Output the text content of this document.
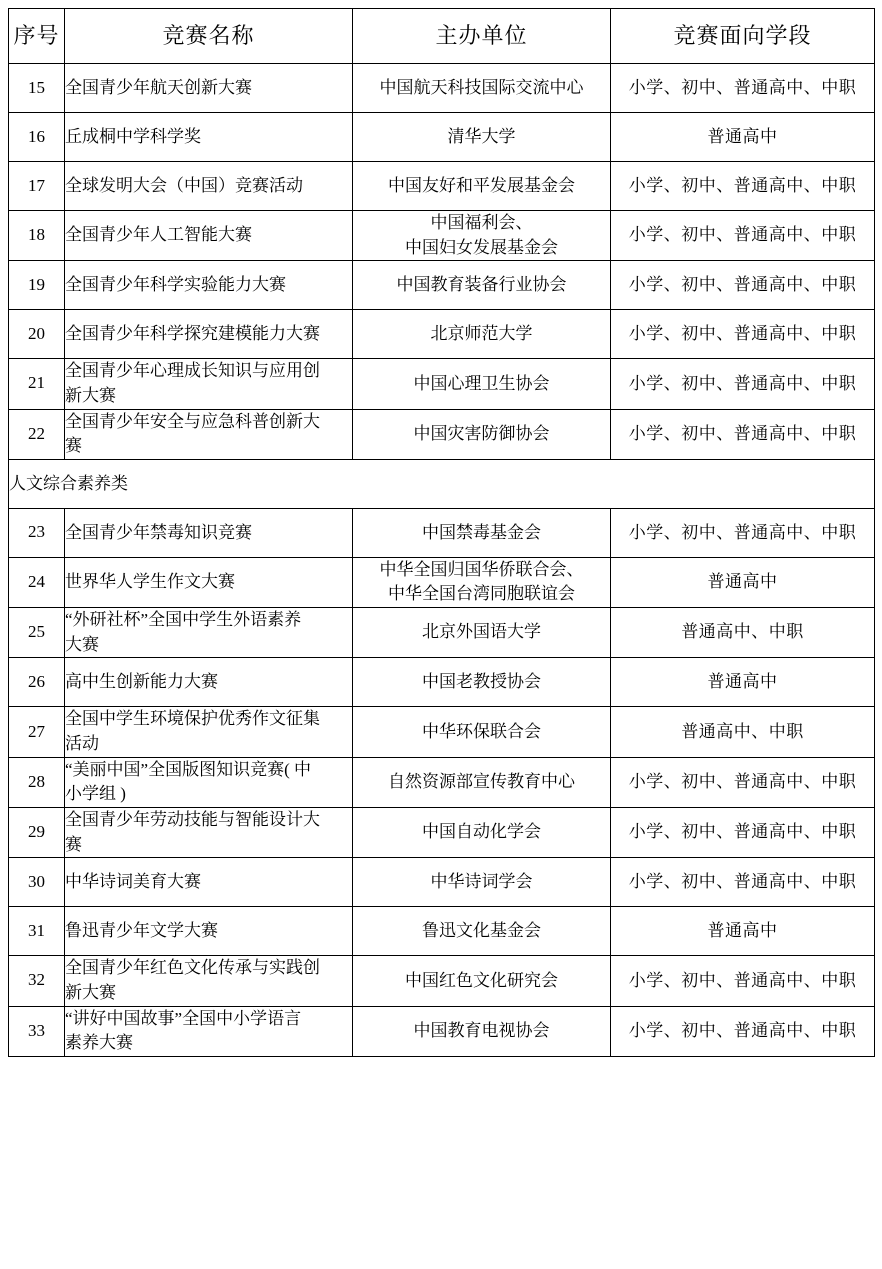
序号	竞赛名称	主办单位	竞赛面向学段

15	全国青少年航天创新大赛	中国航天科技国际交流中心	小学、初中、普通高中、中职

16	丘成桐中学科学奖	清华大学	普通高中

17	全球发明大会（中国）竞赛活动	中国友好和平发展基金会	小学、初中、普通高中、中职

18	全国青少年人工智能大赛	中国福利会、
中国妇女发展基金会	小学、初中、普通高中、中职

19	全国青少年科学实验能力大赛	中国教育装备行业协会	小学、初中、普通高中、中职

20	全国青少年科学探究建模能力大赛	北京师范大学	小学、初中、普通高中、中职

21	全国青少年心理成长知识与应用创
新大赛	中国心理卫生协会	小学、初中、普通高中、中职

22	全国青少年安全与应急科普创新大
赛	中国灾害防御协会	小学、初中、普通高中、中职

人文综合素养类			
23	全国青少年禁毒知识竞赛	中国禁毒基金会	小学、初中、普通高中、中职

24	世界华人学生作文大赛	中华全国归国华侨联合会、
中华全国台湾同胞联谊会	普通高中

25	“外研社杯”全国中学生外语素养
大赛	北京外国语大学	普通高中、中职

26	高中生创新能力大赛	中国老教授协会	普通高中

27	全国中学生环境保护优秀作文征集
活动	中华环保联合会	普通高中、中职

28	“美丽中国”全国版图知识竞赛( 中
小学组 )	自然资源部宣传教育中心	小学、初中、普通高中、中职

29	全国青少年劳动技能与智能设计大
赛	中国自动化学会	小学、初中、普通高中、中职

30	中华诗词美育大赛	中华诗词学会	小学、初中、普通高中、中职

31	鲁迅青少年文学大赛	鲁迅文化基金会	普通高中

32	全国青少年红色文化传承与实践创
新大赛	中国红色文化研究会	小学、初中、普通高中、中职

33	“讲好中国故事”全国中小学语言
素养大赛	中国教育电视协会	小学、初中、普通高中、中职
